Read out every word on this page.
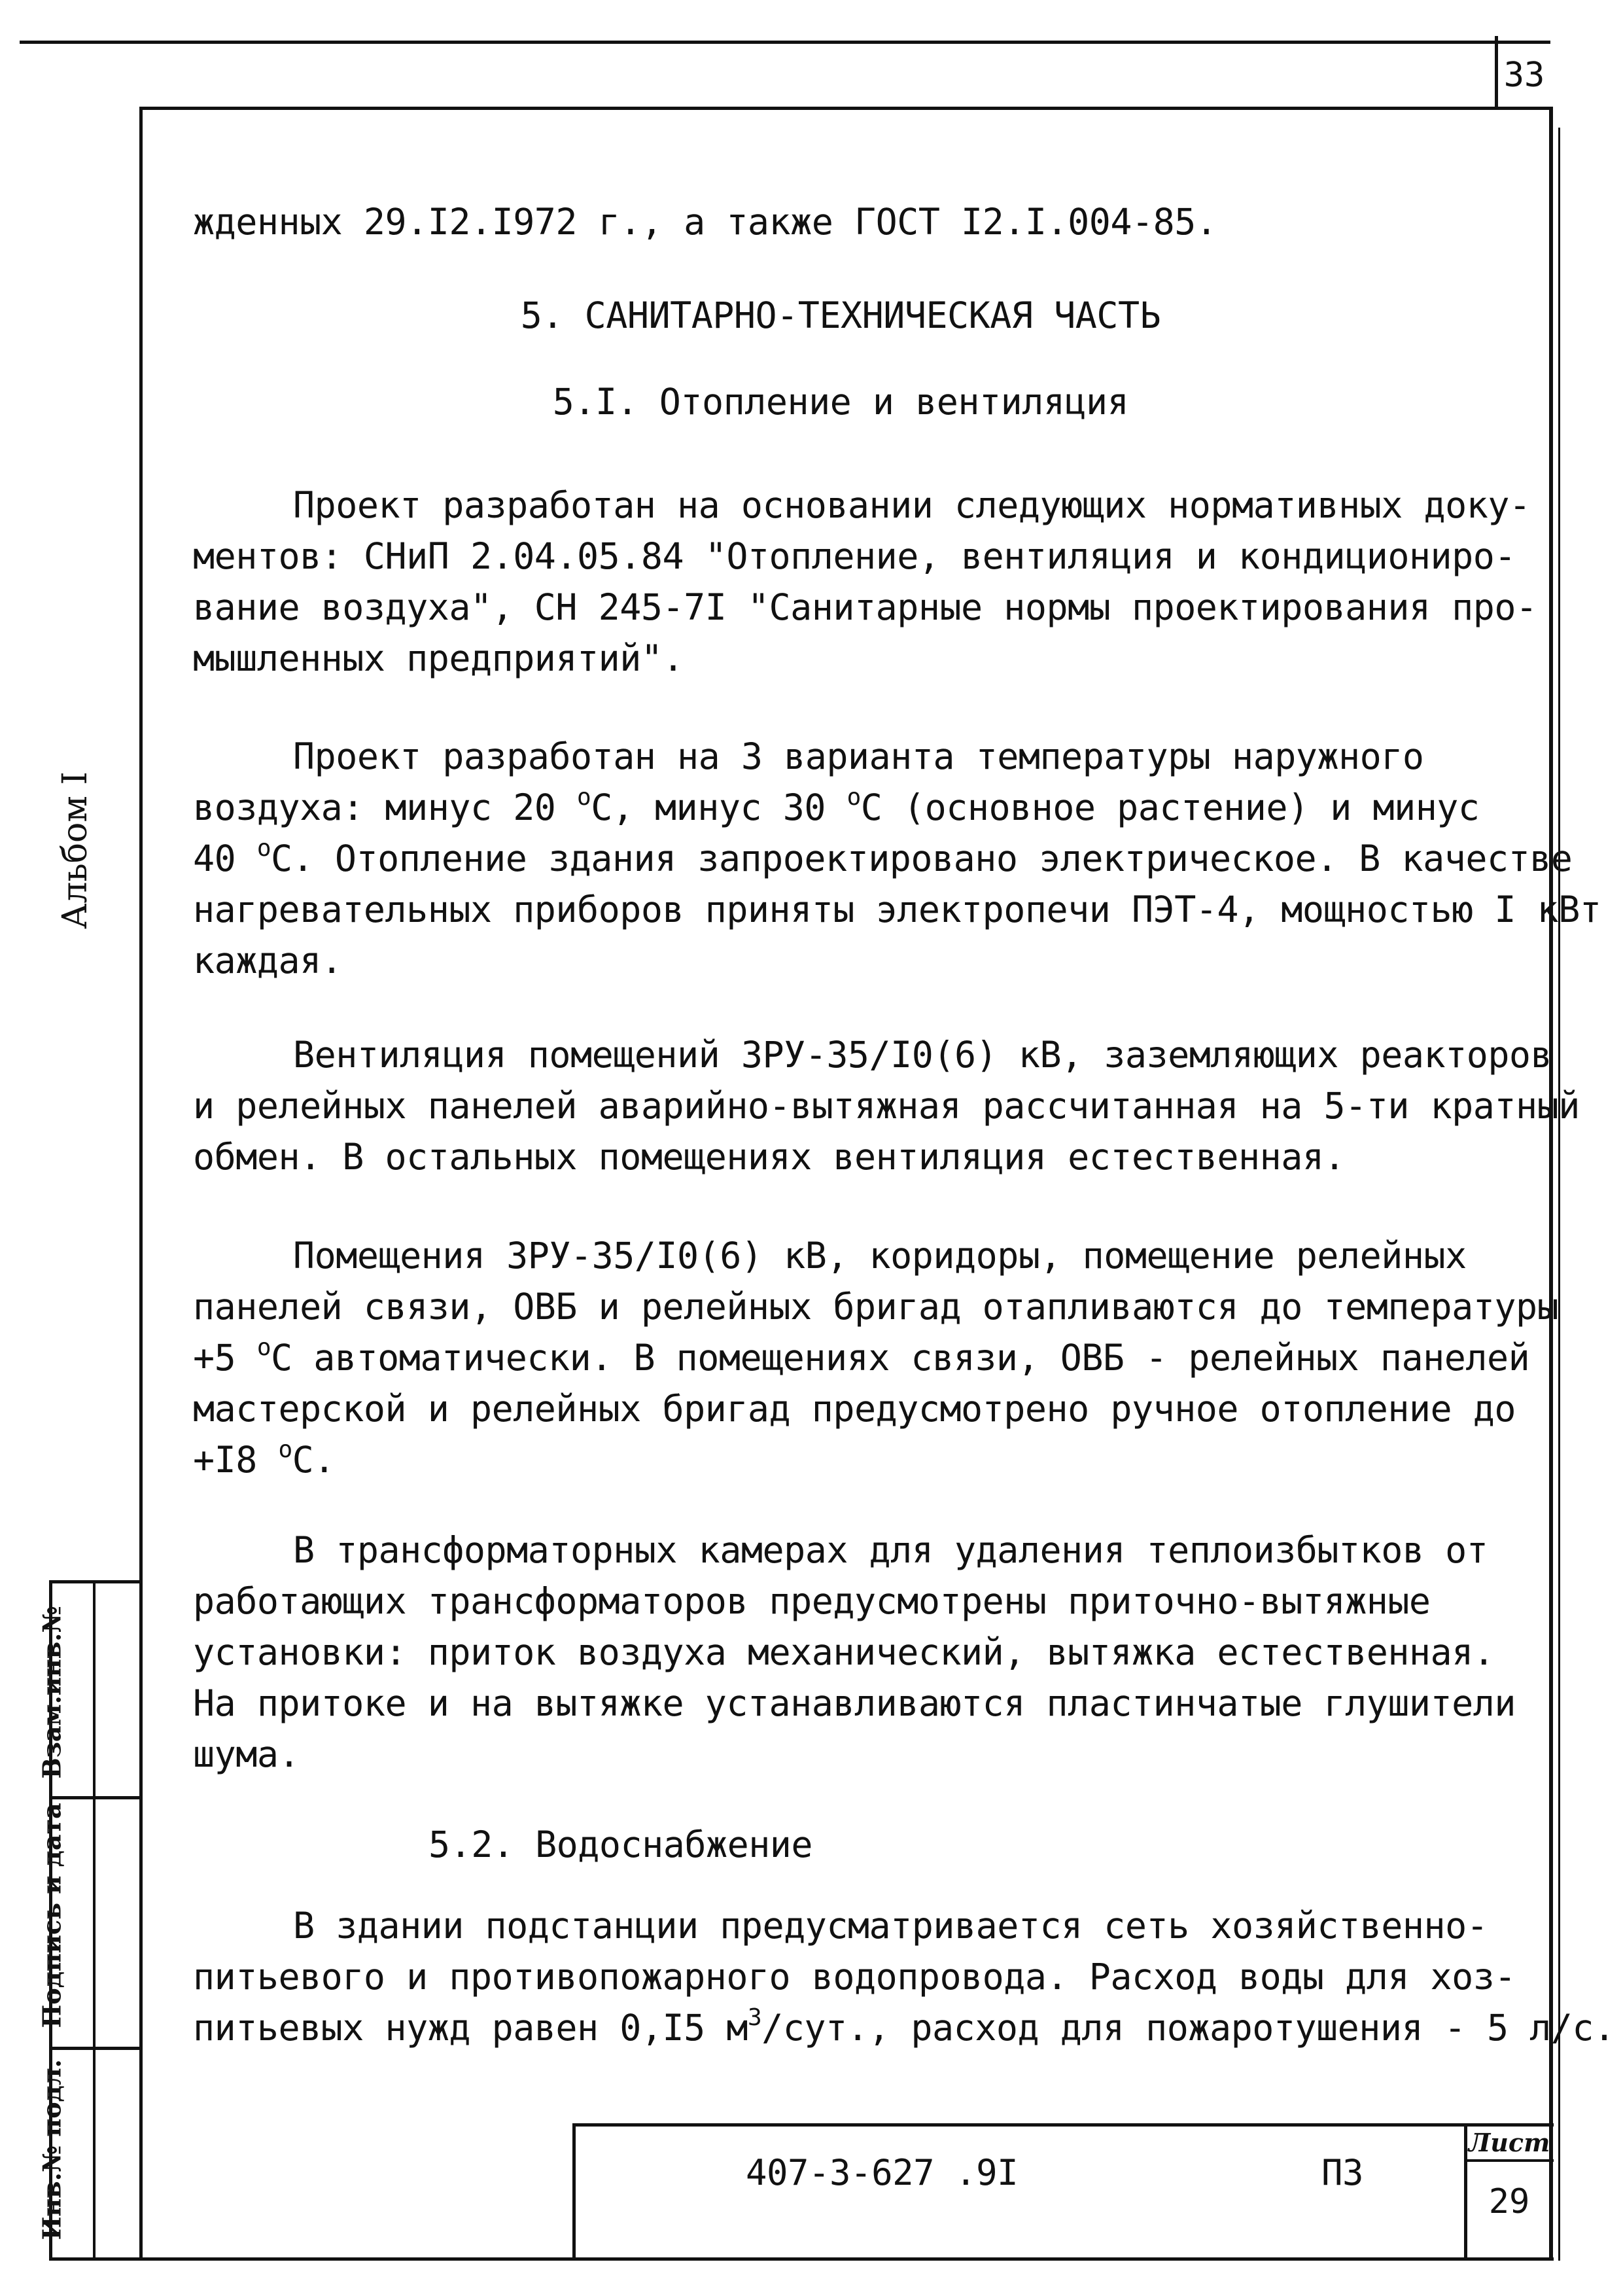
33
Альбом I
Взам.инв.№
Подпись и дата
Инв.№ подл.
жденных 29.I2.I972 г., а также ГОСТ I2.I.004-85.
5. САНИТАРНО-ТЕХНИЧЕСКАЯ ЧАСТЬ
5.I. Отопление и вентиляция
Проект разработан на основании следующих нормативных доку-
ментов: СНиП 2.04.05.84 "Отопление, вентиляция и кондициониро-
вание воздуха", СН 245-7I "Санитарные нормы проектирования про-
мышленных предприятий".
Проект разработан на 3 варианта температуры наружного
воздуха: минус 20 $^о$С, минус 30 $^о$С (основное растение) и минус
40 $^о$С. Отопление здания запроектировано электрическое. В качестве
нагревательных приборов приняты электропечи ПЭТ-4, мощностью I кВт
каждая.
Вентиляция помещений ЗРУ-35/I0(6) кВ, заземляющих реакторов
и релейных панелей аварийно-вытяжная рассчитанная на 5-ти кратный
обмен. В остальных помещениях вентиляция естественная.
Помещения ЗРУ-35/I0(6) кВ, коридоры, помещение релейных
панелей связи, ОВБ и релейных бригад отапливаются до температуры
+5 $^о$С автоматически. В помещениях связи, ОВБ - релейных панелей
мастерской и релейных бригад предусмотрено ручное отопление до
+I8 $^о$С.
В трансформаторных камерах для удаления теплоизбытков от
работающих трансформаторов предусмотрены приточно-вытяжные
установки: приток воздуха механический, вытяжка естественная.
На притоке и на вытяжке устанавливаются пластинчатые глушители
шума.
5.2. Водоснабжение
В здании подстанции предусматривается сеть хозяйственно-
питьевого и противопожарного водопровода. Расход воды для хоз-
питьевых нужд равен 0,I5 $м^3$/сут., расход для пожаротушения - 5 л/с.
407-3-627 .9I	ПЗ
Лист
29
